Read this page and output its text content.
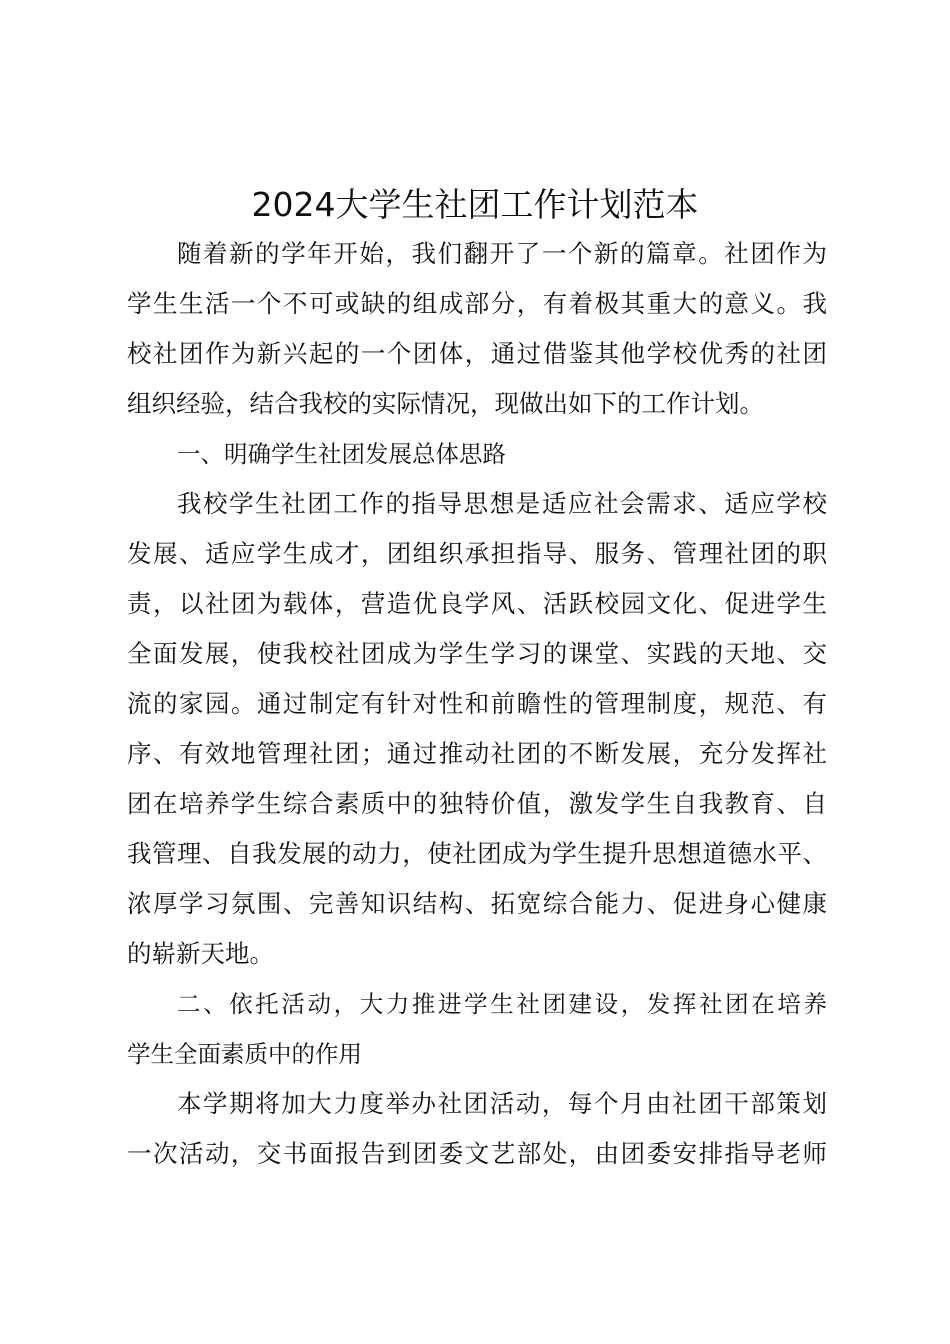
2024大学生社团工作计划范本

随着新的学年开始，我们翻开了一个新的篇章。社团作为

学生生活一个不可或缺的组成部分，有着极其重大的意义。我

校社团作为新兴起的一个团体，通过借鉴其他学校优秀的社团

组织经验，结合我校的实际情况，现做出如下的工作计划。

一、明确学生社团发展总体思路

我校学生社团工作的指导思想是适应社会需求、适应学校

发展、适应学生成才，团组织承担指导、服务、管理社团的职

责，以社团为载体，营造优良学风、活跃校园文化、促进学生

全面发展，使我校社团成为学生学习的课堂、实践的天地、交

流的家园。通过制定有针对性和前瞻性的管理制度，规范、有

序、有效地管理社团；通过推动社团的不断发展，充分发挥社

团在培养学生综合素质中的独特价值，激发学生自我教育、自

我管理、自我发展的动力，使社团成为学生提升思想道德水平、

浓厚学习氛围、完善知识结构、拓宽综合能力、促进身心健康

的崭新天地。

二、依托活动，大力推进学生社团建设，发挥社团在培养

学生全面素质中的作用

本学期将加大力度举办社团活动，每个月由社团干部策划

一次活动，交书面报告到团委文艺部处，由团委安排指导老师
